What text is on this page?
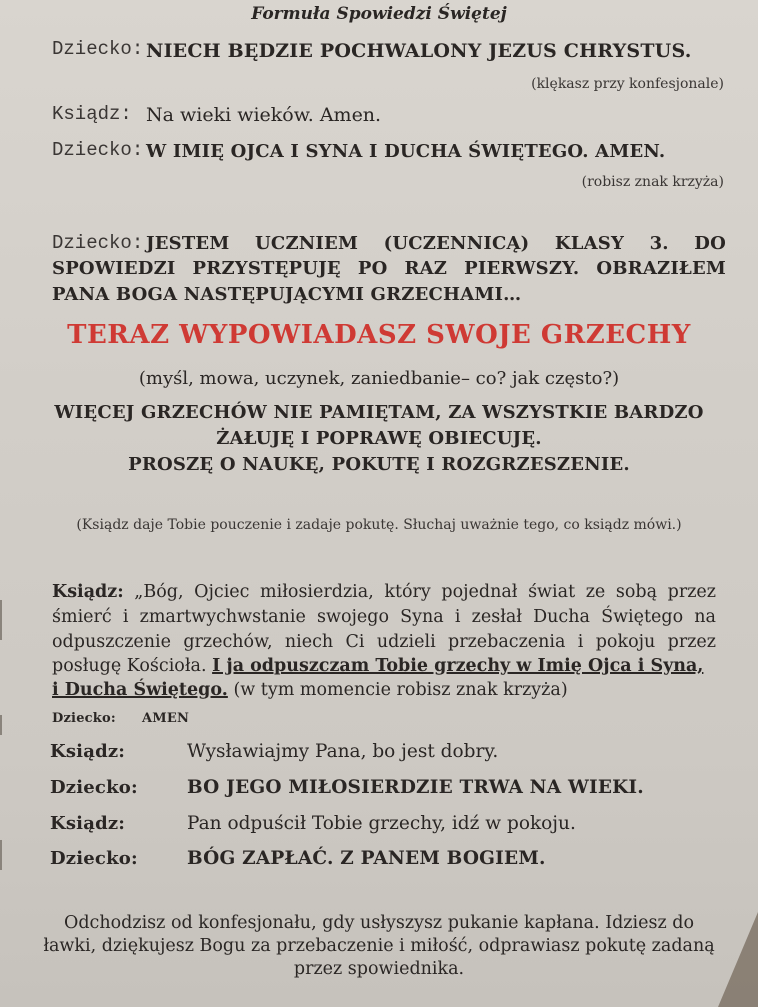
Formuła Spowiedzi Świętej
Dziecko: NIECH BĘDZIE POCHWALONY JEZUS CHRYSTUS.
(klękasz przy konfesjonale)
Ksiądz: Na wieki wieków. Amen.
Dziecko: W IMIĘ OJCA I SYNA I DUCHA ŚWIĘTEGO. AMEN.
(robisz znak krzyża)
Dziecko: JESTEM UCZNIEM (UCZENNICĄ) KLASY 3. DO
SPOWIEDZI PRZYSTĘPUJĘ PO RAZ PIERWSZY. OBRAZIŁEM
PANA BOGA NASTĘPUJĄCYMI GRZECHAMI…
TERAZ WYPOWIADASZ SWOJE GRZECHY
(myśl, mowa, uczynek, zaniedbanie– co? jak często?)
WIĘCEJ GRZECHÓW NIE PAMIĘTAM, ZA WSZYSTKIE BARDZO
ŻAŁUJĘ I POPRAWĘ OBIECUJĘ.
PROSZĘ O NAUKĘ, POKUTĘ I ROZGRZESZENIE.
(Ksiądz daje Tobie pouczenie i zadaje pokutę. Słuchaj uważnie tego, co ksiądz mówi.)
Ksiądz: „Bóg, Ojciec miłosierdzia, który pojednał świat ze sobą przez
śmierć i zmartwychwstanie swojego Syna i zesłał Ducha Świętego na
odpuszczenie grzechów, niech Ci udzieli przebaczenia i pokoju przez
posługę Kościoła. I ja odpuszczam Tobie grzechy w Imię Ojca i Syna,
i Ducha Świętego. (w tym momencie robisz znak krzyża)
Dziecko: AMEN
Ksiądz:	Wysławiajmy Pana, bo jest dobry.
Dziecko:	BO JEGO MIŁOSIERDZIE TRWA NA WIEKI.
Ksiądz:	Pan odpuścił Tobie grzechy, idź w pokoju.
Dziecko:	BÓG ZAPŁAĆ. Z PANEM BOGIEM.
Odchodzisz od konfesjonału, gdy usłyszysz pukanie kapłana. Idziesz do
ławki, dziękujesz Bogu za przebaczenie i miłość, odprawiasz pokutę zadaną
przez spowiednika.
